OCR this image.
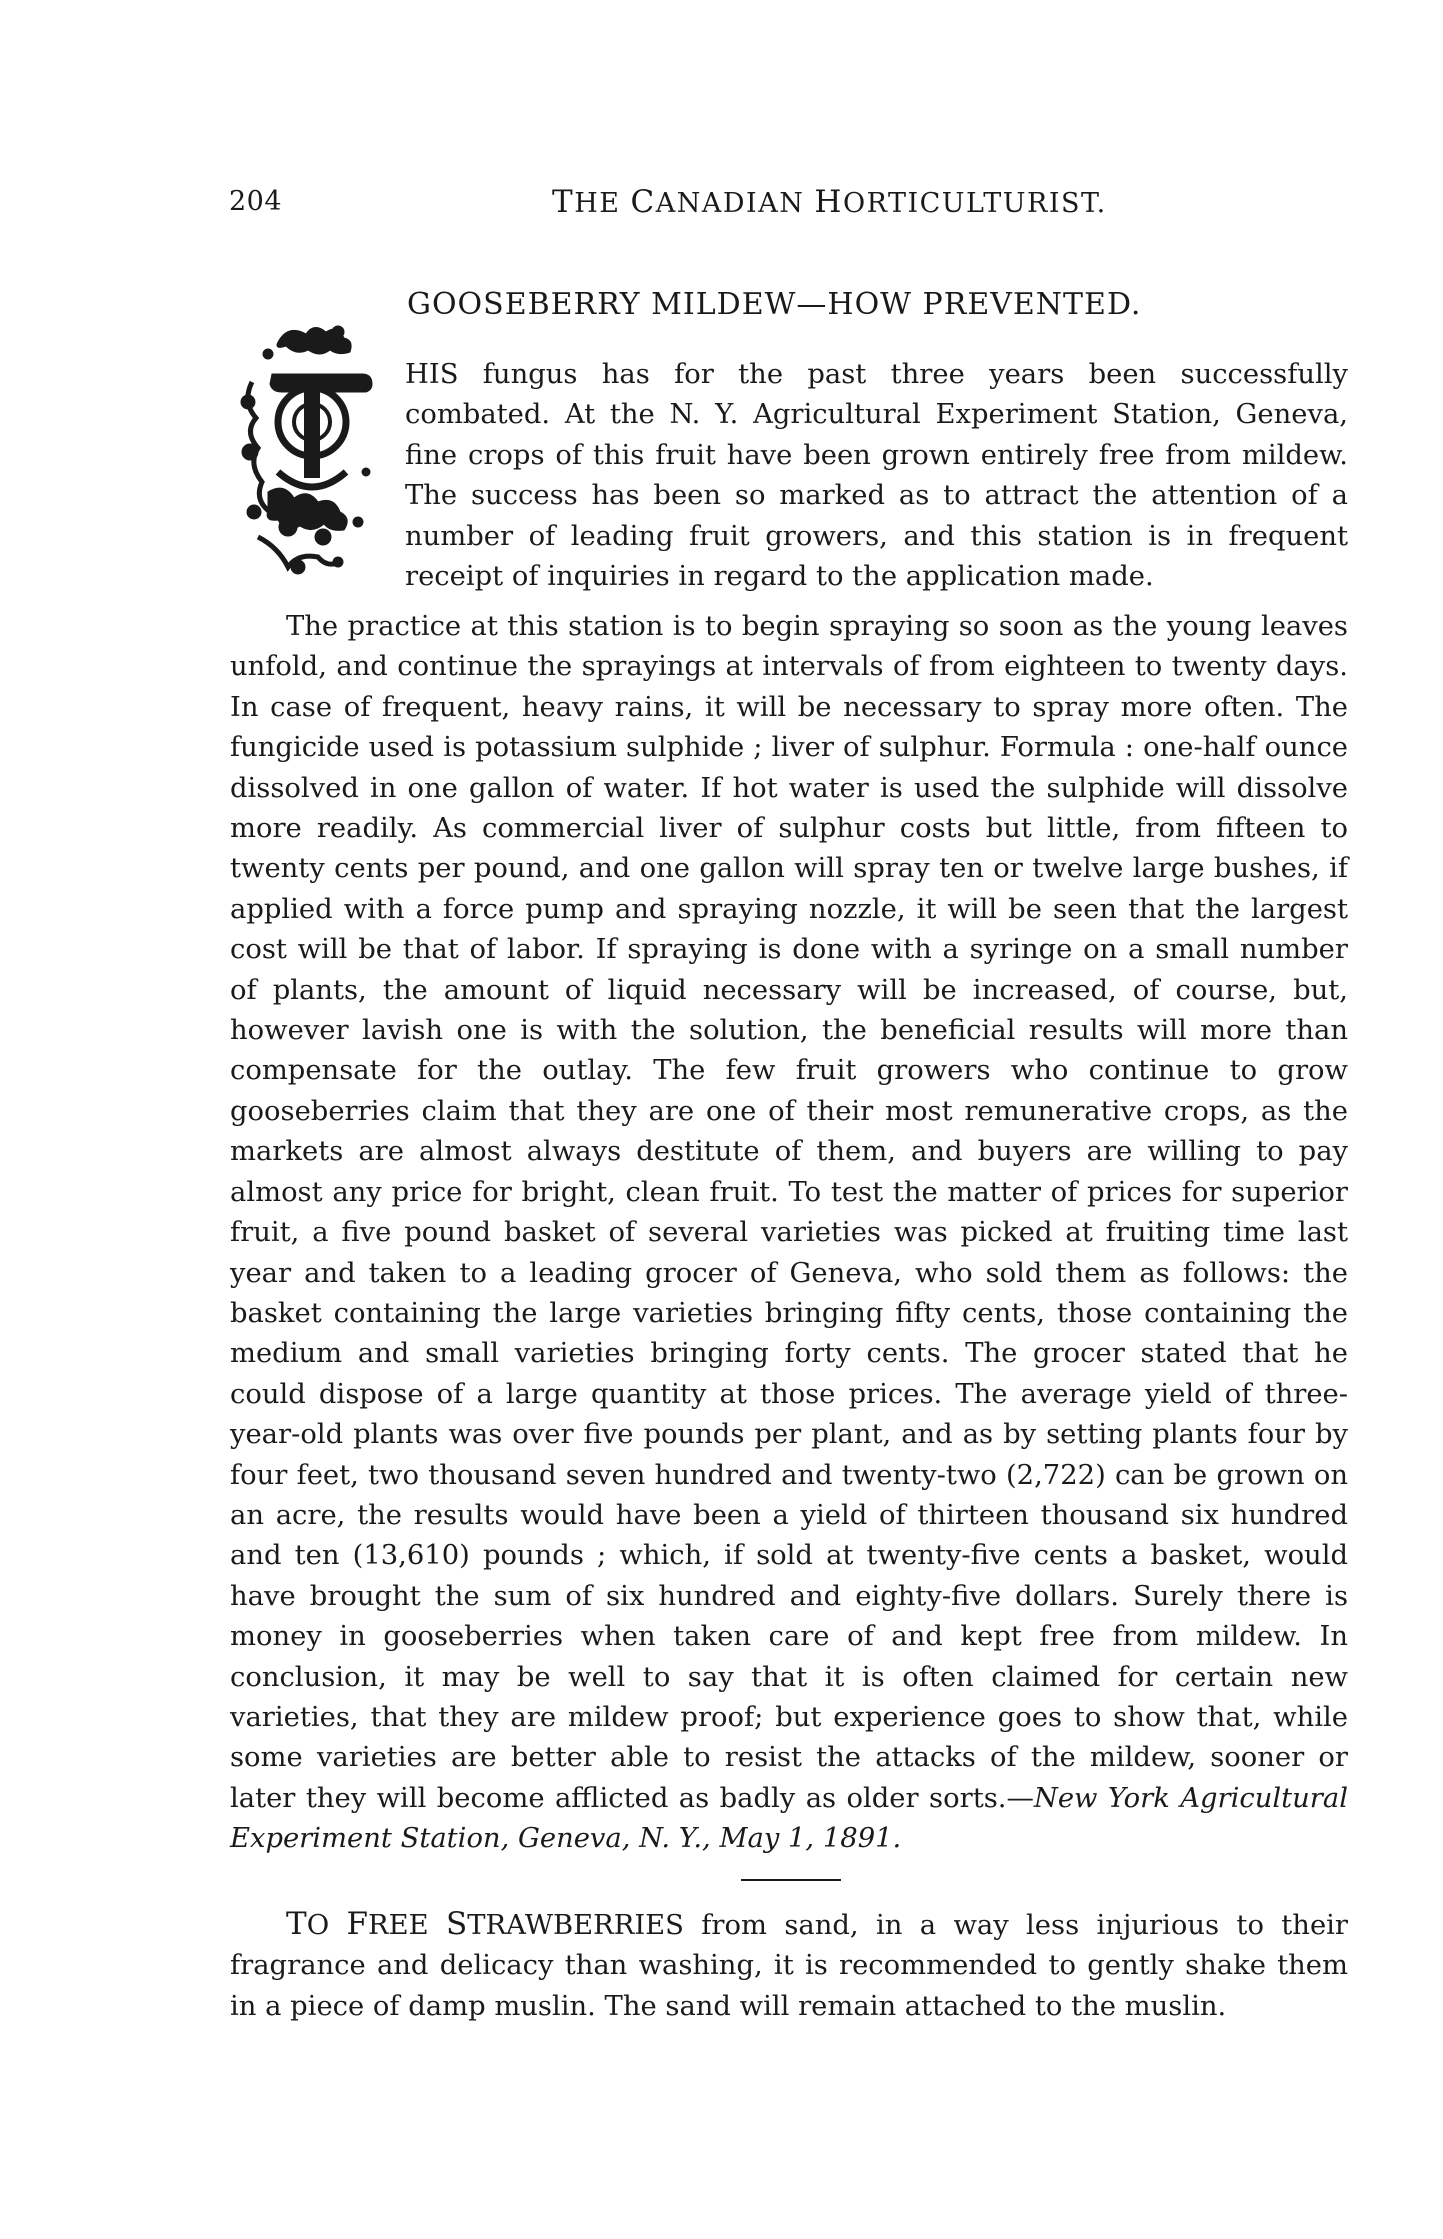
204	THE CANADIAN HORTICULTURIST.
GOOSEBERRY MILDEW—HOW PREVENTED.
T
HIS fungus has for the past three years been successfully combated. At the N. Y. Agricultural Experiment Station, Geneva, fine crops of this fruit have been grown entirely free from mildew. The success has been so marked as to attract the attention of a number of leading fruit growers, and this station is in frequent receipt of inquiries in regard to the application made.
The practice at this station is to begin spraying so soon as the young leaves unfold, and continue the sprayings at intervals of from eighteen to twenty days. In case of frequent, heavy rains, it will be necessary to spray more often. The fungicide used is potassium sulphide ; liver of sulphur. Formula : one-half ounce dissolved in one gallon of water. If hot water is used the sulphide will dissolve more readily. As commercial liver of sulphur costs but little, from fifteen to twenty cents per pound, and one gallon will spray ten or twelve large bushes, if applied with a force pump and spraying nozzle, it will be seen that the largest cost will be that of labor. If spraying is done with a syringe on a small number of plants, the amount of liquid necessary will be increased, of course, but, however lavish one is with the solution, the beneficial results will more than compensate for the outlay. The few fruit growers who continue to grow gooseberries claim that they are one of their most remunerative crops, as the markets are almost always destitute of them, and buyers are willing to pay almost any price for bright, clean fruit. To test the matter of prices for superior fruit, a five pound basket of several varieties was picked at fruiting time last year and taken to a leading grocer of Geneva, who sold them as follows: the basket containing the large varieties bringing fifty cents, those containing the medium and small varieties bringing forty cents. The grocer stated that he could dispose of a large quantity at those prices. The average yield of three-year-old plants was over five pounds per plant, and as by setting plants four by four feet, two thousand seven hundred and twenty-two (2,722) can be grown on an acre, the results would have been a yield of thirteen thousand six hundred and ten (13,610) pounds ; which, if sold at twenty-five cents a basket, would have brought the sum of six hundred and eighty-five dollars. Surely there is money in gooseberries when taken care of and kept free from mildew. In conclusion, it may be well to say that it is often claimed for certain new varieties, that they are mildew proof; but experience goes to show that, while some varieties are better able to resist the attacks of the mildew, sooner or later they will become afflicted as badly as older sorts.—New York Agricultural Experiment Station, Geneva, N. Y., May 1, 1891.
TO FREE STRAWBERRIES from sand, in a way less injurious to their fragrance and delicacy than washing, it is recommended to gently shake them in a piece of damp muslin. The sand will remain attached to the muslin.
